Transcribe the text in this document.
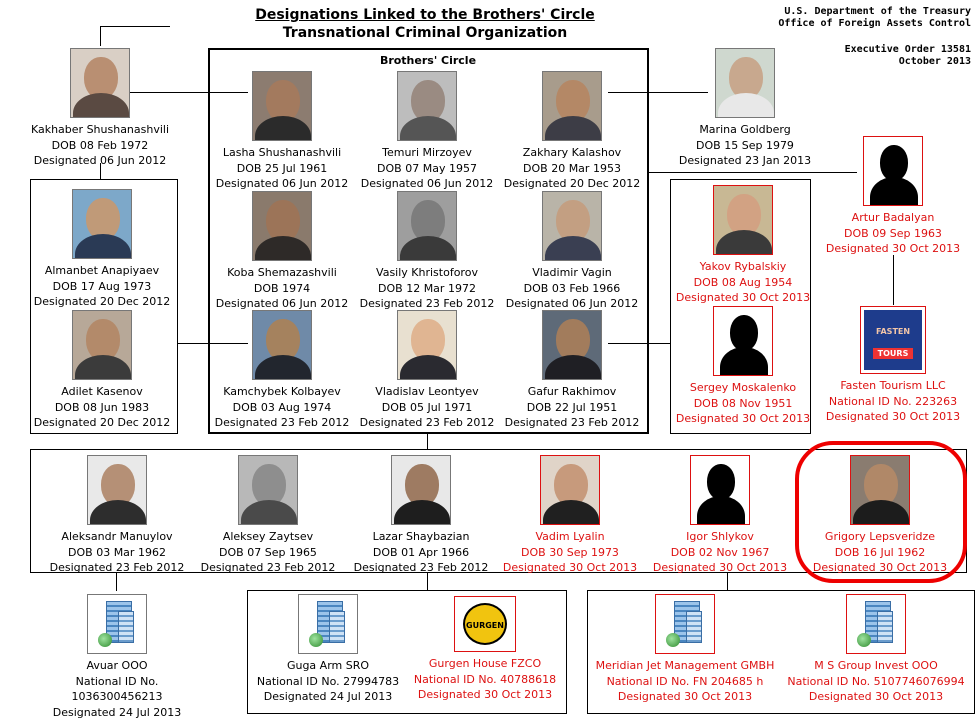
Designations Linked to the Brothers' Circle
Transnational Criminal Organization
U.S. Department of the Treasury
Office of Foreign Assets Control
Executive Order 13581
October 2013
Brothers' Circle
Kakhaber Shushanashvili
DOB 08 Feb 1972
Designated 06 Jun 2012
Lasha Shushanashvili
DOB 25 Jul 1961
Designated 06 Jun 2012
Temuri Mirzoyev
DOB 07 May 1957
Designated 06 Jun 2012
Zakhary Kalashov
DOB 20 Mar 1953
Designated 20 Dec 2012
Marina Goldberg
DOB 15 Sep 1979
Designated 23 Jan 2013
Artur Badalyan
DOB 09 Sep 1963
Designated 30 Oct 2013
Almanbet Anapiyaev
DOB 17 Aug 1973
Designated 20 Dec 2012
Adilet Kasenov
DOB 08 Jun 1983
Designated 20 Dec 2012
Koba Shemazashvili
DOB 1974
Designated 06 Jun 2012
Vasily Khristoforov
DOB 12 Mar 1972
Designated 23 Feb 2012
Vladimir Vagin
DOB 03 Feb 1966
Designated 06 Jun 2012
Yakov Rybalskiy
DOB 08 Aug 1954
Designated 30 Oct 2013
Kamchybek Kolbayev
DOB 03 Aug 1974
Designated 23 Feb 2012
Vladislav Leontyev
DOB 05 Jul 1971
Designated 23 Feb 2012
Gafur Rakhimov
DOB 22 Jul 1951
Designated 23 Feb 2012
Sergey Moskalenko
DOB 08 Nov 1951
Designated 30 Oct 2013
FASTEN
TOURS
Fasten Tourism LLC
National ID No. 223263
Designated 30 Oct 2013
Aleksandr Manuylov
DOB 03 Mar 1962
Designated 23 Feb 2012
Aleksey Zaytsev
DOB 07 Sep 1965
Designated 23 Feb 2012
Lazar Shaybazian
DOB 01 Apr 1966
Designated 23 Feb 2012
Vadim Lyalin
DOB 30 Sep 1973
Designated 30 Oct 2013
Igor Shlykov
DOB 02 Nov 1967
Designated 30 Oct 2013
Grigory Lepsveridze
DOB 16 Jul 1962
Designated 30 Oct 2013
Avuar OOO
National ID No. 1036300456213
Designated 24 Jul 2013
Guga Arm SRO
National ID No. 27994783
Designated 24 Jul 2013
GURGEN
Gurgen House FZCO
National ID No. 40788618
Designated 30 Oct 2013
Meridian Jet Management GMBH
National ID No. FN 204685 h
Designated 30 Oct 2013
M S Group Invest OOO
National ID No. 5107746076994
Designated 30 Oct 2013
